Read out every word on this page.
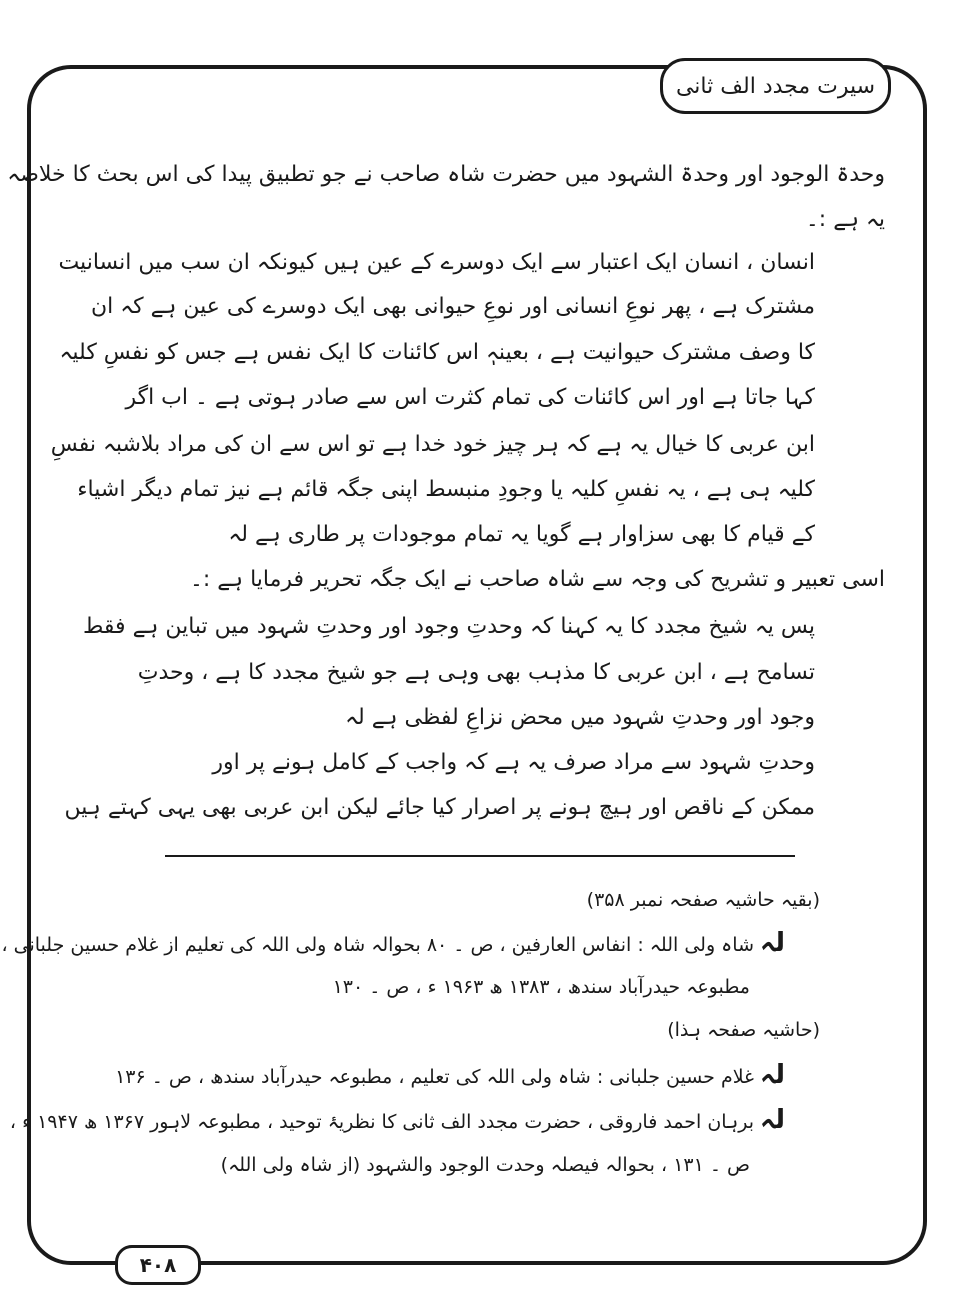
سیرت مجدد الف ثانی
وحدۃ الوجود اور وحدۃ الشہود میں حضرت شاہ صاحب نے جو تطبیق پیدا کی اس بحث کا خلاصہ
یہ ہے :۔
انسان ، انسان ایک اعتبار سے ایک دوسرے کے عین ہیں کیونکہ ان سب میں انسانیت
مشترک ہے ، پھر نوعِ انسانی اور نوعِ حیوانی بھی ایک دوسرے کی عین ہے کہ ان
کا وصف مشترک حیوانیت ہے ، بعینہٖ اس کائنات کا ایک نفس ہے جس کو نفسِ کلیہ
کہا جاتا ہے اور اس کائنات کی تمام کثرت اس سے صادر ہوتی ہے ۔ اب اگر
ابن عربی کا خیال یہ ہے کہ ہر چیز خود خدا ہے تو اس سے ان کی مراد بلاشبہ نفسِ
کلیہ ہی ہے ، یہ نفسِ کلیہ یا وجودِ منبسط اپنی جگہ قائم ہے نیز تمام دیگر اشیاء
کے قیام کا بھی سزاوار ہے گویا یہ تمام موجودات پر طاری ہے لہ
اسی تعبیر و تشریح کی وجہ سے شاہ صاحب نے ایک جگہ تحریر فرمایا ہے :۔
پس یہ شیخ مجدد کا یہ کہنا کہ وحدتِ وجود اور وحدتِ شہود میں تباین ہے فقط
تسامح ہے ، ابن عربی کا مذہب بھی وہی ہے جو شیخ مجدد کا ہے ، وحدتِ
وجود اور وحدتِ شہود میں محض نزاعِ لفظی ہے لہ
وحدتِ شہود سے مراد صرف یہ ہے کہ واجب کے کامل ہونے پر اور
ممکن کے ناقص اور ہیچ ہونے پر اصرار کیا جائے لیکن ابن عربی بھی یہی کہتے ہیں
(بقیہ حاشیہ صفحہ نمبر ۳۵۸)
لہشاہ ولی اللہ : انفاس العارفین ، ص ۔ ۸۰ بحوالہ شاہ ولی اللہ کی تعلیم از غلام حسین جلبانی ،
مطبوعہ حیدرآباد سندھ ، ۱۳۸۳ ھ ۱۹۶۳ ء ، ص ۔ ۱۳۰
(حاشیہ صفحہ ہذا)
لہغلام حسین جلبانی : شاہ ولی اللہ کی تعلیم ، مطبوعہ حیدرآباد سندھ ، ص ۔ ۱۳۶
لہبرہان احمد فاروقی ، حضرت مجدد الف ثانی کا نظریۂ توحید ، مطبوعہ لاہور ۱۳۶۷ ھ ۱۹۴۷ ء ،
ص ۔ ۱۳۱ ، بحوالہ فیصلہ وحدت الوجود والشہود (از شاہ ولی اللہ)
۴۰۸
